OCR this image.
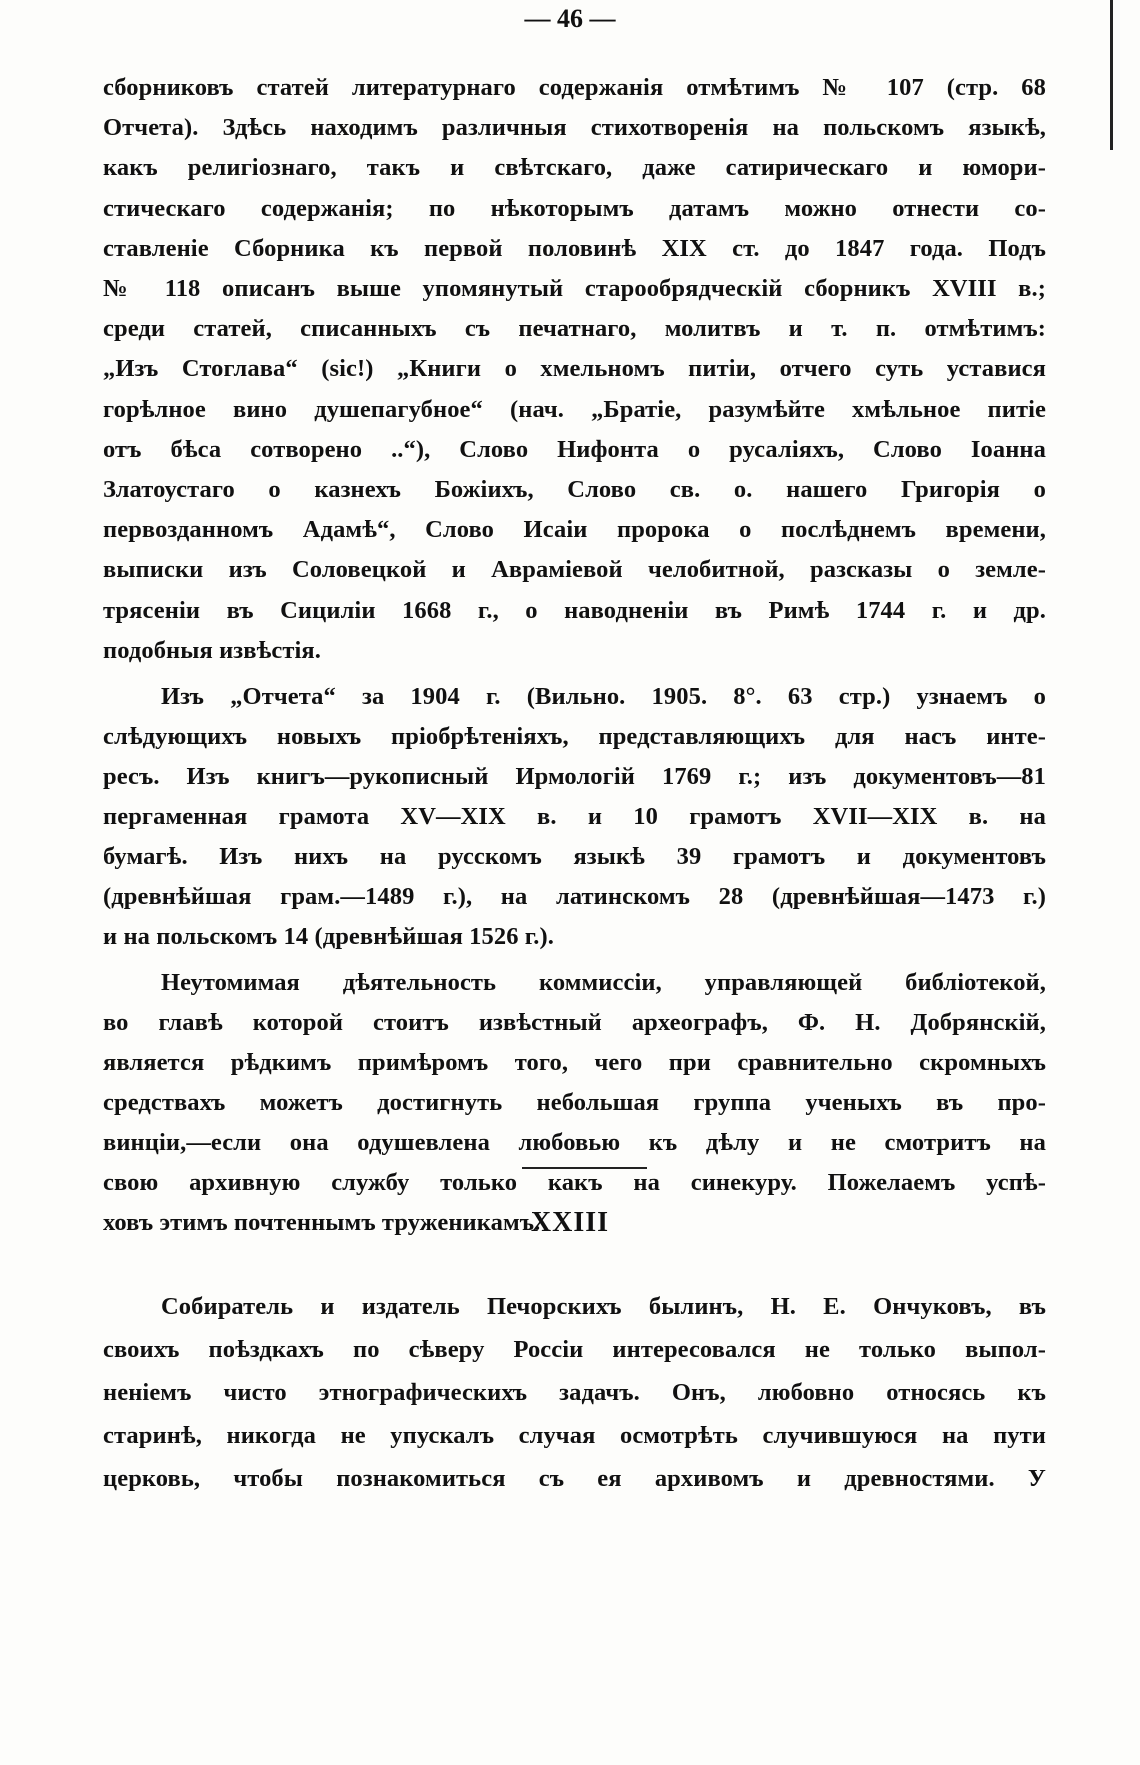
— 46 —

сборниковъ статей литературнаго содержанія отмѣтимъ № 107 (стр. 68

Отчета). Здѣсь находимъ различныя стихотворенія на польскомъ языкѣ,

какъ религіознаго, такъ и свѣтскаго, даже сатирическаго и юмори-

стическаго содержанія; по нѣкоторымъ датамъ можно отнести со-

ставленіе Сборника къ первой половинѣ XIX ст. до 1847 года. Подъ

№ 118 описанъ выше упомянутый старообрядческій сборникъ XVIII в.;

среди статей, списанныхъ съ печатнаго, молитвъ и т. п. отмѣтимъ:

„Изъ Стоглава“ (sic!) „Книги о хмельномъ питіи, отчего суть уставися

горѣлное вино душепагубное“ (нач. „Братіе, разумѣйте хмѣльное питіе

отъ бѣса сотворено ..“), Слово Нифонта о русаліяхъ, Слово Іоанна

Златоустаго о казнехъ Божіихъ, Слово св. о. нашего Григорія о

первозданномъ Адамѣ“, Слово Исаіи пророка о послѣднемъ времени,

выписки изъ Соловецкой и Авраміевой челобитной, разсказы о земле-

трясеніи въ Сициліи 1668 г., о наводненіи въ Римѣ 1744 г. и др.

подобныя извѣстія.

Изъ „Отчета“ за 1904 г. (Вильно. 1905. 8°. 63 стр.) узнаемъ о

слѣдующихъ новыхъ пріобрѣтеніяхъ, представляющихъ для насъ инте-

ресъ. Изъ книгъ—рукописный Ирмологій 1769 г.; изъ документовъ—81

пергаменная грамота XV—XIX в. и 10 грамотъ XVII—XIX в. на

бумагѣ. Изъ нихъ на русскомъ языкѣ 39 грамотъ и документовъ

(древнѣйшая грам.—1489 г.), на латинскомъ 28 (древнѣйшая—1473 г.)

и на польскомъ 14 (древнѣйшая 1526 г.).

Неутомимая дѣятельность коммиссіи, управляющей библіотекой,

во главѣ которой стоитъ извѣстный археографъ, Ф. Н. Добрянскій,

является рѣдкимъ примѣромъ того, чего при сравнительно скромныхъ

средствахъ можетъ достигнуть небольшая группа ученыхъ въ про-

винціи,—если она одушевлена любовью къ дѣлу и не смотритъ на

свою архивную службу только какъ на синекуру. Пожелаемъ успѣ-

ховъ этимъ почтеннымъ труженикамъ.

XXIII

Собиратель и издатель Печорскихъ былинъ, Н. Е. Ончуковъ, въ

своихъ поѣздкахъ по сѣверу Россіи интересовался не только выпол-

неніемъ чисто этнографическихъ задачъ. Онъ, любовно относясь къ

старинѣ, никогда не упускалъ случая осмотрѣть случившуюся на пути

церковь, чтобы познакомиться съ ея архивомъ и древностями. У
